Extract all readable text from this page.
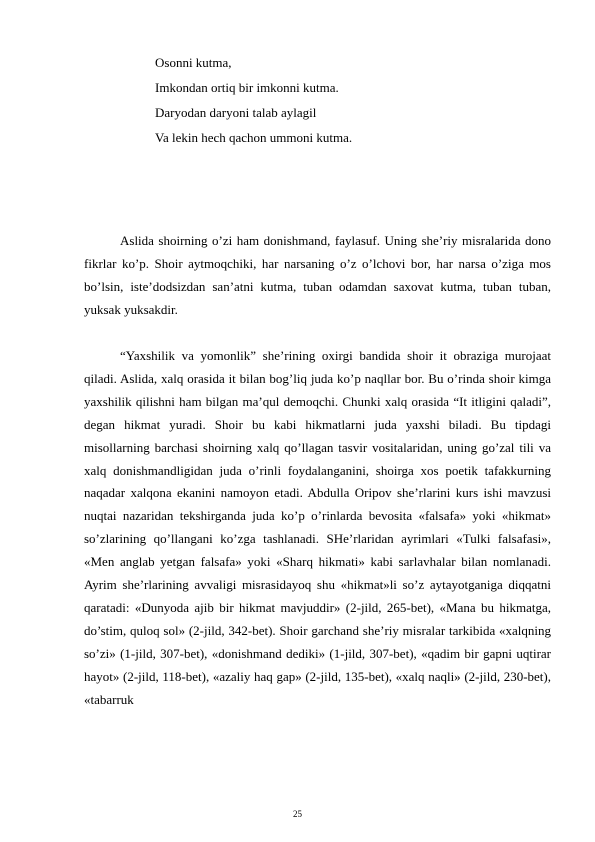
Osonni kutma,
Imkondan ortiq bir imkonni kutma.
Daryodan daryoni talab aylagil
Va lekin hech qachon ummoni kutma.

Aslida shoirning o’zi ham donishmand, faylasuf. Uning she’riy misralarida dono fikrlar ko’p. Shoir aytmoqchiki, har narsaning o’z o’lchovi bor, har narsa o’ziga mos bo’lsin, iste’dodsizdan san’atni kutma, tuban odamdan saxovat kutma, tuban tuban, yuksak yuksakdir.

“Yaxshilik va yomonlik” she’rining oxirgi bandida shoir it obraziga murojaat qiladi. Aslida, xalq orasida it bilan bog’liq juda ko’p naqllar bor. Bu o’rinda shoir kimga yaxshilik qilishni ham bilgan ma’qul demoqchi. Chunki xalq orasida “It itligini qaladi”, degan hikmat yuradi. Shoir bu kabi hikmatlarni juda yaxshi biladi. Bu tipdagi misollarning barchasi shoirning xalq qo’llagan tasvir vositalaridan, uning go’zal tili va xalq donishmandligidan juda o’rinli foydalanganini, shoirga xos poetik tafakkurning naqadar xalqona ekanini namoyon etadi. Abdulla Oripov she’rlarini kurs ishi mavzusi nuqtai nazaridan tekshirganda juda ko’p o’rinlarda bevosita «falsafa» yoki «hikmat» so’zlarining qo’llangani ko’zga tashlanadi. SHe’rlaridan ayrimlari «Tulki falsafasi», «Men anglab yetgan falsafa» yoki «Sharq hikmati» kabi sarlavhalar bilan nomlanadi. Ayrim she’rlarining avvaligi misrasidayoq shu «hikmat»li so’z aytayotganiga diqqatni qaratadi: «Dunyoda ajib bir hikmat mavjuddir» (2-jild, 265-bet), «Mana bu hikmatga, do’stim, quloq sol» (2-jild, 342-bet). Shoir garchand she’riy misralar tarkibida «xalqning so’zi» (1-jild, 307-bet), «donishmand dediki» (1-jild, 307-bet), «qadim bir gapni uqtirar hayot» (2-jild, 118-bet), «azaliy haq gap» (2-jild, 135-bet), «xalq naqli» (2-jild, 230-bet), «tabarruk

25
